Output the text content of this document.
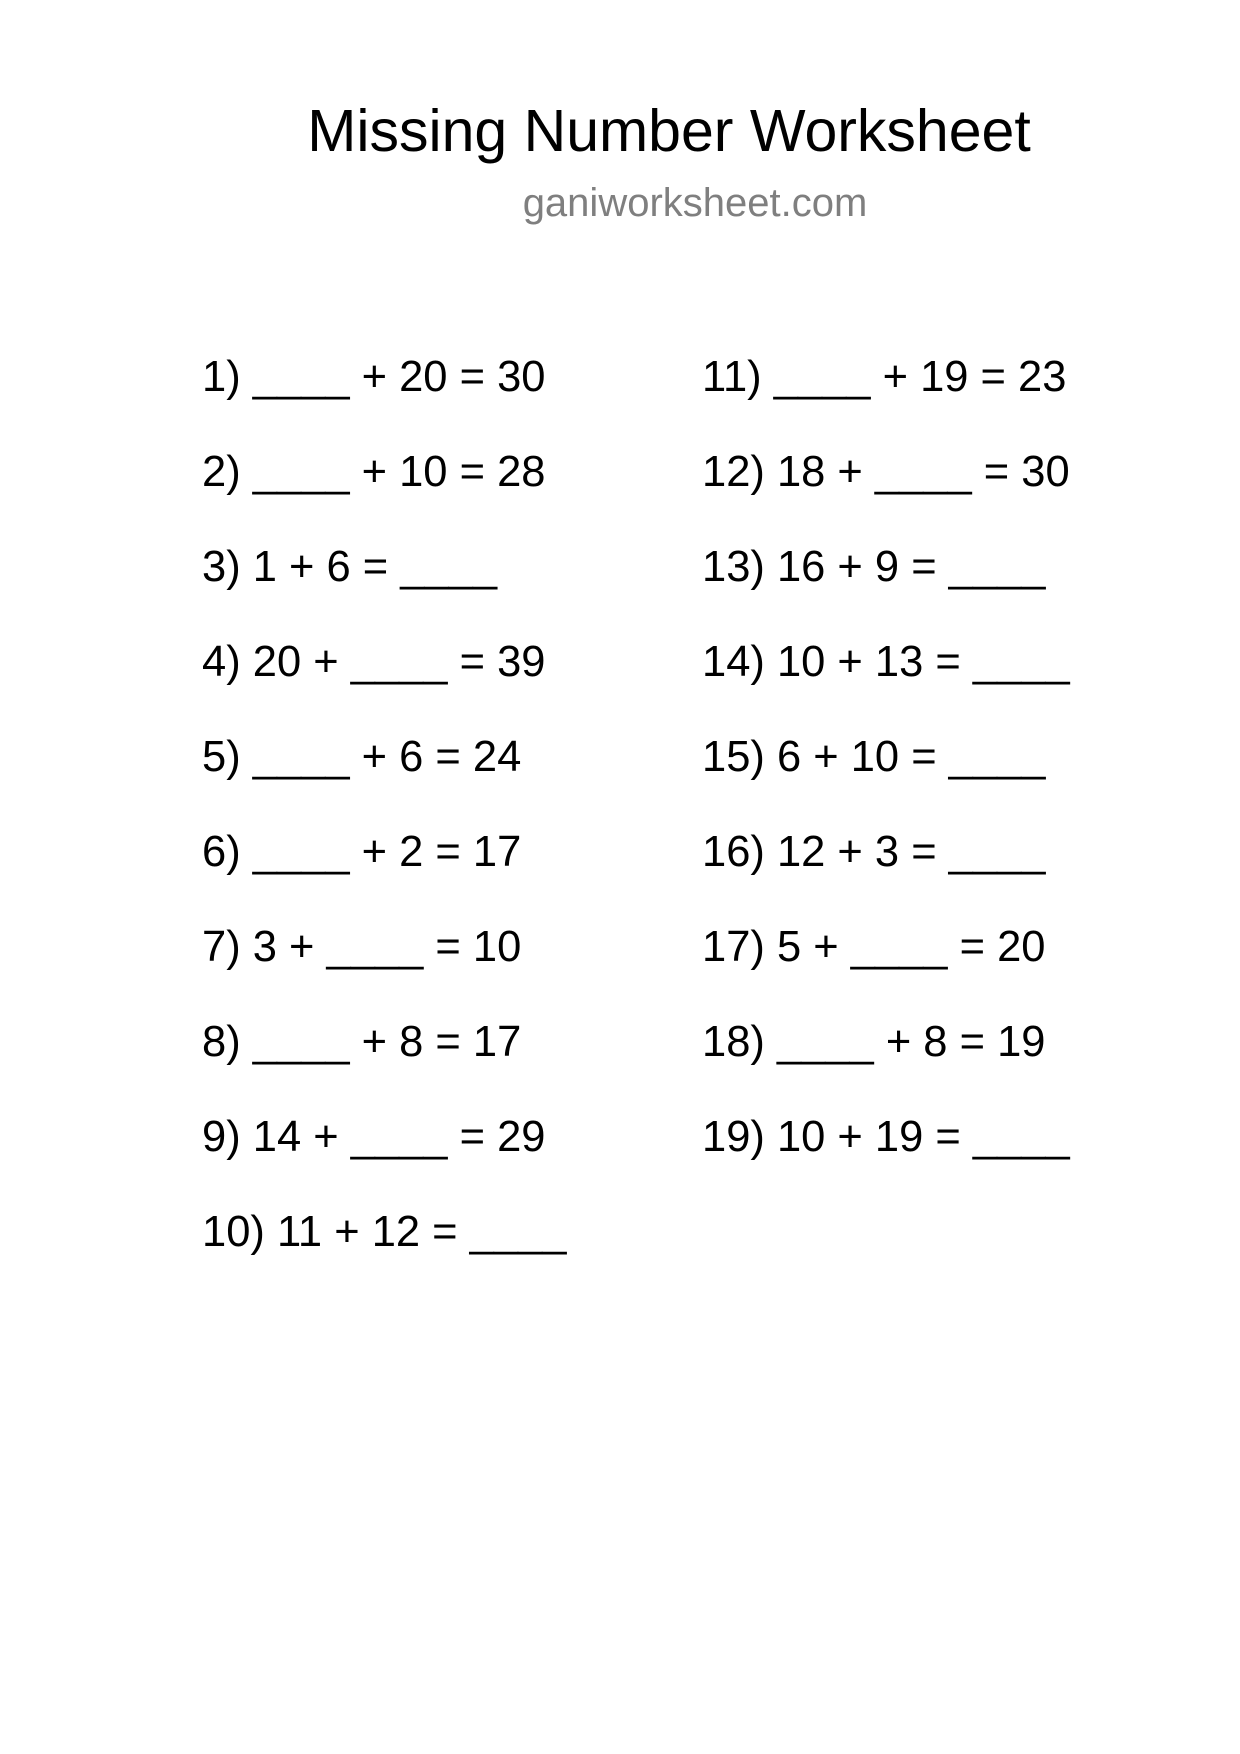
Missing Number Worksheet
ganiworksheet.com
1) ____ + 20 = 30
2) ____ + 10 = 28
3) 1 + 6 = ____
4) 20 + ____ = 39
5) ____ + 6 = 24
6) ____ + 2 = 17
7) 3 + ____ = 10
8) ____ + 8 = 17
9) 14 + ____ = 29
10) 11 + 12 = ____
11) ____ + 19 = 23
12) 18 + ____ = 30
13) 16 + 9 = ____
14) 10 + 13 = ____
15) 6 + 10 = ____
16) 12 + 3 = ____
17) 5 + ____ = 20
18) ____ + 8 = 19
19) 10 + 19 = ____
